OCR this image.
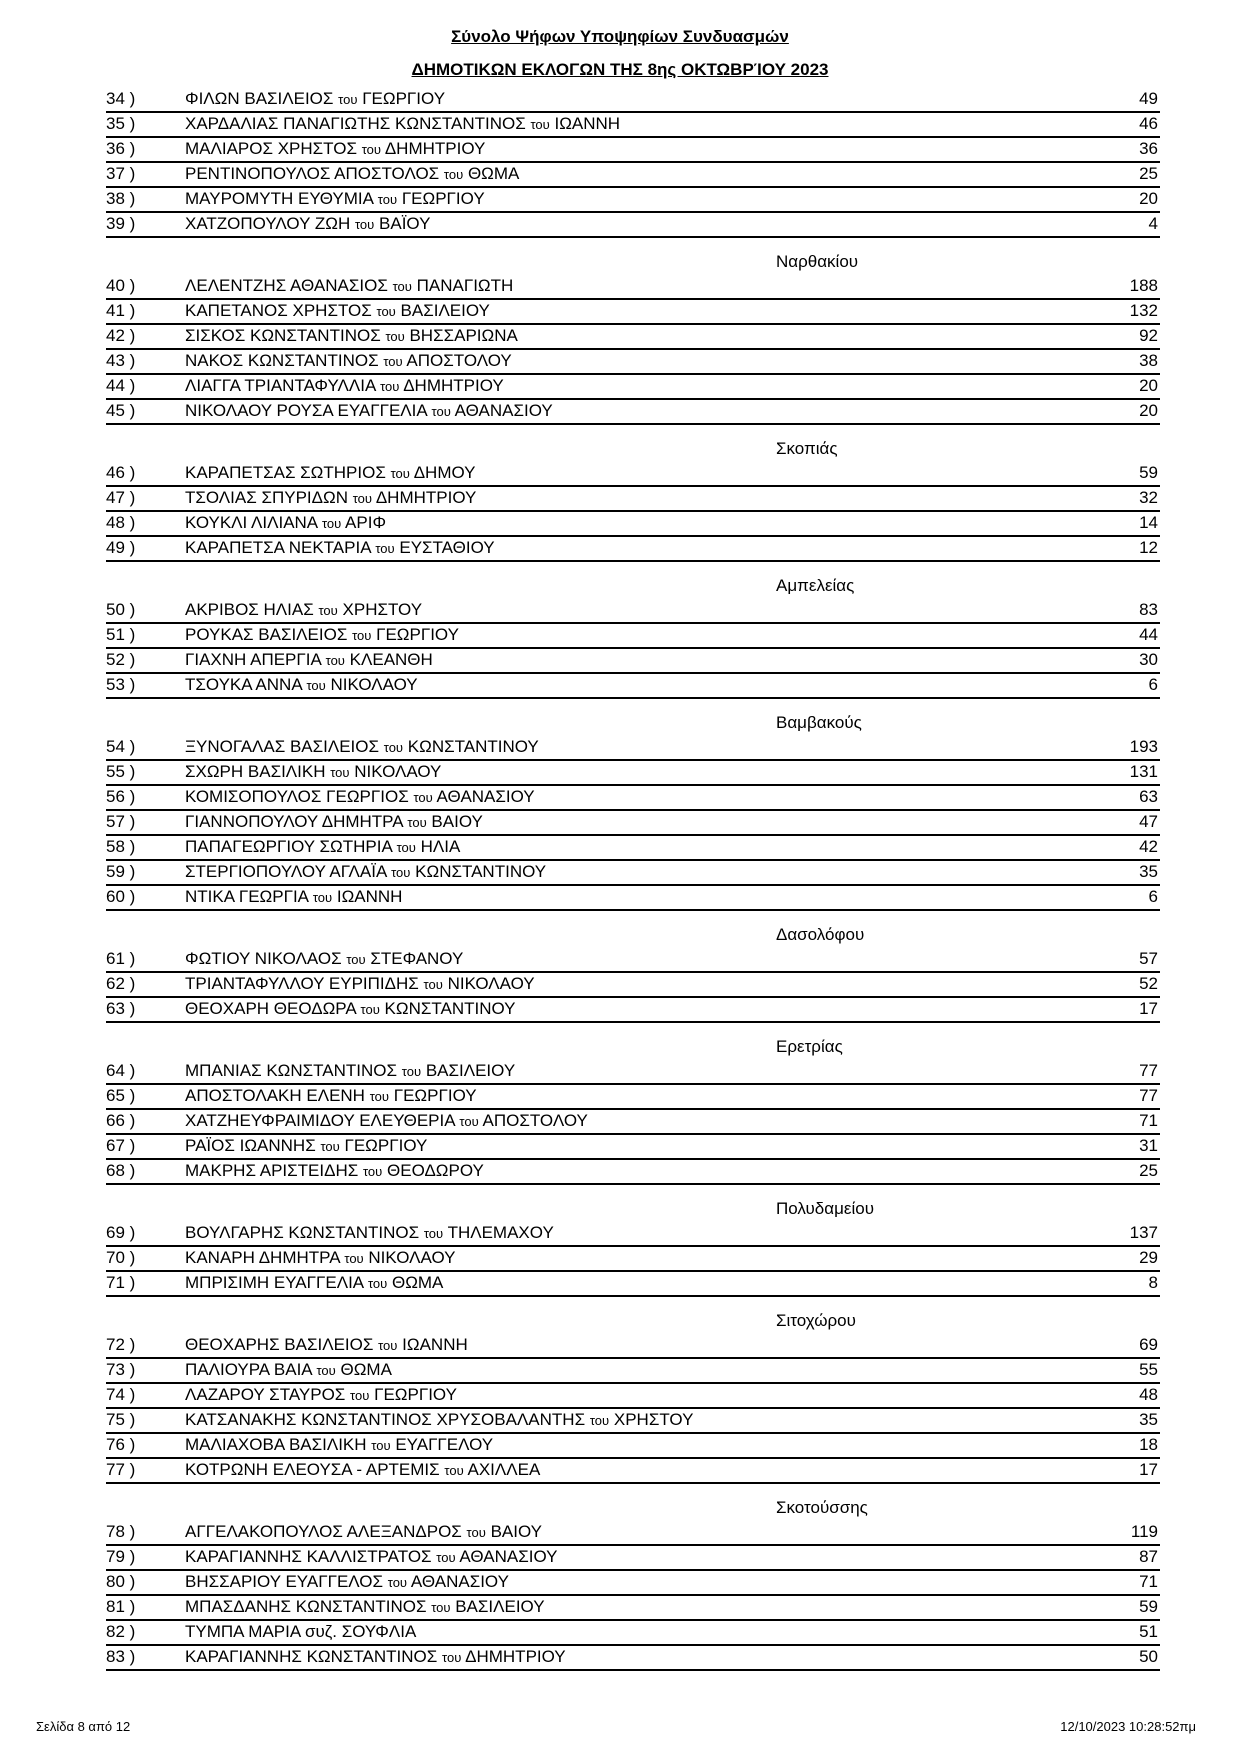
Σύνολο Ψήφων Υποψηφίων Συνδυασμών
ΔΗΜΟΤΙΚΩΝ ΕΚΛΟΓΩΝ ΤΗΣ 8ης ΟΚΤΩΒΡΊΟΥ 2023
34 )	ΦΙΛΩΝ ΒΑΣΙΛΕΙΟΣ του ΓΕΩΡΓΙΟΥ	49
35 )	ΧΑΡΔΑΛΙΑΣ ΠΑΝΑΓΙΩΤΗΣ ΚΩΝΣΤΑΝΤΙΝΟΣ του ΙΩΑΝΝΗ	46
36 )	ΜΑΛΙΑΡΟΣ ΧΡΗΣΤΟΣ του ΔΗΜΗΤΡΙΟΥ	36
37 )	ΡΕΝΤΙΝΟΠΟΥΛΟΣ ΑΠΟΣΤΟΛΟΣ του ΘΩΜΑ	25
38 )	ΜΑΥΡΟΜΥΤΗ ΕΥΘΥΜΙΑ του ΓΕΩΡΓΙΟΥ	20
39 )	ΧΑΤΖΟΠΟΥΛΟΥ ΖΩΗ του ΒΑΪΟΥ	4
Ναρθακίου
40 )	ΛΕΛΕΝΤΖΗΣ ΑΘΑΝΑΣΙΟΣ του ΠΑΝΑΓΙΩΤΗ	188
41 )	ΚΑΠΕΤΑΝΟΣ ΧΡΗΣΤΟΣ του ΒΑΣΙΛΕΙΟΥ	132
42 )	ΣΙΣΚΟΣ ΚΩΝΣΤΑΝΤΙΝΟΣ του ΒΗΣΣΑΡΙΩΝΑ	92
43 )	ΝΑΚΟΣ ΚΩΝΣΤΑΝΤΙΝΟΣ του ΑΠΟΣΤΟΛΟΥ	38
44 )	ΛΙΑΓΓΑ ΤΡΙΑΝΤΑΦΥΛΛΙΑ του ΔΗΜΗΤΡΙΟΥ	20
45 )	ΝΙΚΟΛΑΟΥ ΡΟΥΣΑ ΕΥΑΓΓΕΛΙΑ του ΑΘΑΝΑΣΙΟΥ	20
Σκοπιάς
46 )	ΚΑΡΑΠΕΤΣΑΣ ΣΩΤΗΡΙΟΣ του ΔΗΜΟΥ	59
47 )	ΤΣΟΛΙΑΣ ΣΠΥΡΙΔΩΝ του ΔΗΜΗΤΡΙΟΥ	32
48 )	ΚΟΥΚΛΙ ΛΙΛΙΑΝΑ του ΑΡΙΦ	14
49 )	ΚΑΡΑΠΕΤΣΑ ΝΕΚΤΑΡΙΑ του ΕΥΣΤΑΘΙΟΥ	12
Αμπελείας
50 )	ΑΚΡΙΒΟΣ ΗΛΙΑΣ του ΧΡΗΣΤΟΥ	83
51 )	ΡΟΥΚΑΣ ΒΑΣΙΛΕΙΟΣ του ΓΕΩΡΓΙΟΥ	44
52 )	ΓΙΑΧΝΗ ΑΠΕΡΓΙΑ του ΚΛΕΑΝΘΗ	30
53 )	ΤΣΟΥΚΑ ΑΝΝΑ του ΝΙΚΟΛΑΟΥ	6
Βαμβακούς
54 )	ΞΥΝΟΓΑΛΑΣ ΒΑΣΙΛΕΙΟΣ του ΚΩΝΣΤΑΝΤΙΝΟΥ	193
55 )	ΣΧΩΡΗ ΒΑΣΙΛΙΚΗ του ΝΙΚΟΛΑΟΥ	131
56 )	ΚΟΜΙΣΟΠΟΥΛΟΣ ΓΕΩΡΓΙΟΣ του ΑΘΑΝΑΣΙΟΥ	63
57 )	ΓΙΑΝΝΟΠΟΥΛΟΥ ΔΗΜΗΤΡΑ του ΒΑΙΟΥ	47
58 )	ΠΑΠΑΓΕΩΡΓΙΟΥ ΣΩΤΗΡΙΑ του ΗΛΙΑ	42
59 )	ΣΤΕΡΓΙΟΠΟΥΛΟΥ ΑΓΛΑΪΑ του ΚΩΝΣΤΑΝΤΙΝΟΥ	35
60 )	ΝΤΙΚΑ ΓΕΩΡΓΙΑ του ΙΩΑΝΝΗ	6
Δασολόφου
61 )	ΦΩΤΙΟΥ ΝΙΚΟΛΑΟΣ του ΣΤΕΦΑΝΟΥ	57
62 )	ΤΡΙΑΝΤΑΦΥΛΛΟΥ ΕΥΡΙΠΙΔΗΣ του ΝΙΚΟΛΑΟΥ	52
63 )	ΘΕΟΧΑΡΗ ΘΕΟΔΩΡΑ του ΚΩΝΣΤΑΝΤΙΝΟΥ	17
Ερετρίας
64 )	ΜΠΑΝΙΑΣ ΚΩΝΣΤΑΝΤΙΝΟΣ του ΒΑΣΙΛΕΙΟΥ	77
65 )	ΑΠΟΣΤΟΛΑΚΗ ΕΛΕΝΗ του ΓΕΩΡΓΙΟΥ	77
66 )	ΧΑΤΖΗΕΥΦΡΑΙΜΙΔΟΥ ΕΛΕΥΘΕΡΙΑ του ΑΠΟΣΤΟΛΟΥ	71
67 )	ΡΑΪΟΣ ΙΩΑΝΝΗΣ του ΓΕΩΡΓΙΟΥ	31
68 )	ΜΑΚΡΗΣ ΑΡΙΣΤΕΙΔΗΣ του ΘΕΟΔΩΡΟΥ	25
Πολυδαμείου
69 )	ΒΟΥΛΓΑΡΗΣ ΚΩΝΣΤΑΝΤΙΝΟΣ του ΤΗΛΕΜΑΧΟΥ	137
70 )	ΚΑΝΑΡΗ ΔΗΜΗΤΡΑ του ΝΙΚΟΛΑΟΥ	29
71 )	ΜΠΡΙΣΙΜΗ ΕΥΑΓΓΕΛΙΑ του ΘΩΜΑ	8
Σιτοχώρου
72 )	ΘΕΟΧΑΡΗΣ ΒΑΣΙΛΕΙΟΣ του ΙΩΑΝΝΗ	69
73 )	ΠΑΛΙΟΥΡΑ ΒΑΙΑ του ΘΩΜΑ	55
74 )	ΛΑΖΑΡΟΥ ΣΤΑΥΡΟΣ του ΓΕΩΡΓΙΟΥ	48
75 )	ΚΑΤΣΑΝΑΚΗΣ ΚΩΝΣΤΑΝΤΙΝΟΣ ΧΡΥΣΟΒΑΛΑΝΤΗΣ του ΧΡΗΣΤΟΥ	35
76 )	ΜΑΛΙΑΧΟΒΑ ΒΑΣΙΛΙΚΗ του ΕΥΑΓΓΕΛΟΥ	18
77 )	ΚΟΤΡΩΝΗ ΕΛΕΟΥΣΑ - ΑΡΤΕΜΙΣ του ΑΧΙΛΛΕΑ	17
Σκοτούσσης
78 )	ΑΓΓΕΛΑΚΟΠΟΥΛΟΣ ΑΛΕΞΑΝΔΡΟΣ του ΒΑΙΟΥ	119
79 )	ΚΑΡΑΓΙΑΝΝΗΣ ΚΑΛΛΙΣΤΡΑΤΟΣ του ΑΘΑΝΑΣΙΟΥ	87
80 )	ΒΗΣΣΑΡΙΟΥ ΕΥΑΓΓΕΛΟΣ του ΑΘΑΝΑΣΙΟΥ	71
81 )	ΜΠΑΣΔΑΝΗΣ ΚΩΝΣΤΑΝΤΙΝΟΣ του ΒΑΣΙΛΕΙΟΥ	59
82 )	ΤΥΜΠΑ ΜΑΡΙΑ συζ. ΣΟΥΦΛΙΑ	51
83 )	ΚΑΡΑΓΙΑΝΝΗΣ ΚΩΝΣΤΑΝΤΙΝΟΣ του ΔΗΜΗΤΡΙΟΥ	50
Σελίδα 8 από 12	12/10/2023 10:28:52πμ
